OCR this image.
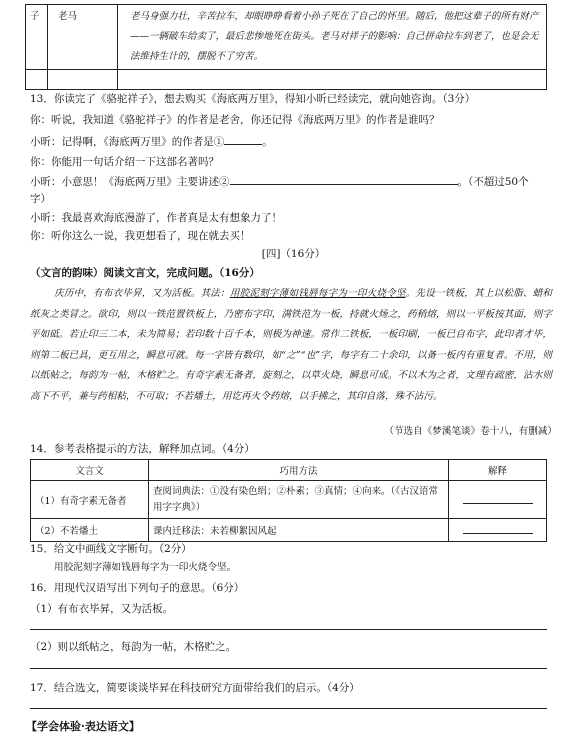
子	老马	老马身强力壮，辛苦拉车，却眼睁睁看着小孙子死在了自己的怀里。随后，他把这辈子的所有财产——一辆破车给卖了，最后悲惨地死在街头。老马对祥子的影响：自己拼命拉车到老了，也是会无法维持生计的，摆脱不了穷苦。

13．你读完了《骆驼祥子》，想去购买《海底两万里》，得知小昕已经读完，就向她咨询。（3分）
你：听说，我知道《骆驼祥子》的作者是老舍，你还记得《海底两万里》的作者是谁吗？
小昕：记得啊，《海底两万里》的作者是①	。
你：你能用一句话介绍一下这部名著吗？
小昕：小意思！《海底两万里》主要讲述②	。（不超过50个
字）
小昕：我最喜欢海底漫游了，作者真是太有想象力了！
你：听你这么一说，我更想看了，现在就去买！
[四]（16分）
（文言的韵味）阅读文言文，完成问题。（16分）
庆历中，有布衣毕昇，又为活板。其法：用胶泥刻字薄如钱唇每字为一印火烧令坚。先设一铁板，其上以松脂、蜡和纸灰之类冒之。欲印，则以一铁范置铁板上，乃密布字印，满铁范为一板，持就火炀之，药稍熔，则以一平板按其面，则字平如砥。若止印三二本，未为简易；若印数十百千本，则极为神速。常作二铁板，一板印刷，一板已自布字，此印者才毕，则第二板已具，更互用之，瞬息可就。每一字皆有数印，如“之”“也”字，每字有二十余印，以备一板内有重复者。不用，则以纸帖之，每韵为一帖，木格贮之。有奇字素无备者，旋刻之，以草火烧，瞬息可成。不以木为之者，文理有疏密，沾水则高下不平，兼与药相粘，不可取；不若燔土，用讫再火令药熔，以手拂之，其印自落，殊不沾污。
（节选自《梦溪笔谈》卷十八，有删减）
14．参考表格提示的方法，解释加点词。（4分）
文言文	巧用方法	解释
（1）有奇字素无备者	查阅词典法：①没有染色绢；②朴素；③真情；④向来。（《古汉语常用字字典》）	
（2）不若燔土	课内迁移法：未若柳絮因风起	
15．给文中画线文字断句。（2分）
用胶泥刻字薄如钱唇每字为一印火烧令坚。
16．用现代汉语写出下列句子的意思。（6分）
（1）有布衣毕昇，又为活板。
（2）则以纸帖之，每韵为一帖，木格贮之。
17．结合选文，简要谈谈毕昇在科技研究方面带给我们的启示。（4分）
【学会体验·表达语文】
